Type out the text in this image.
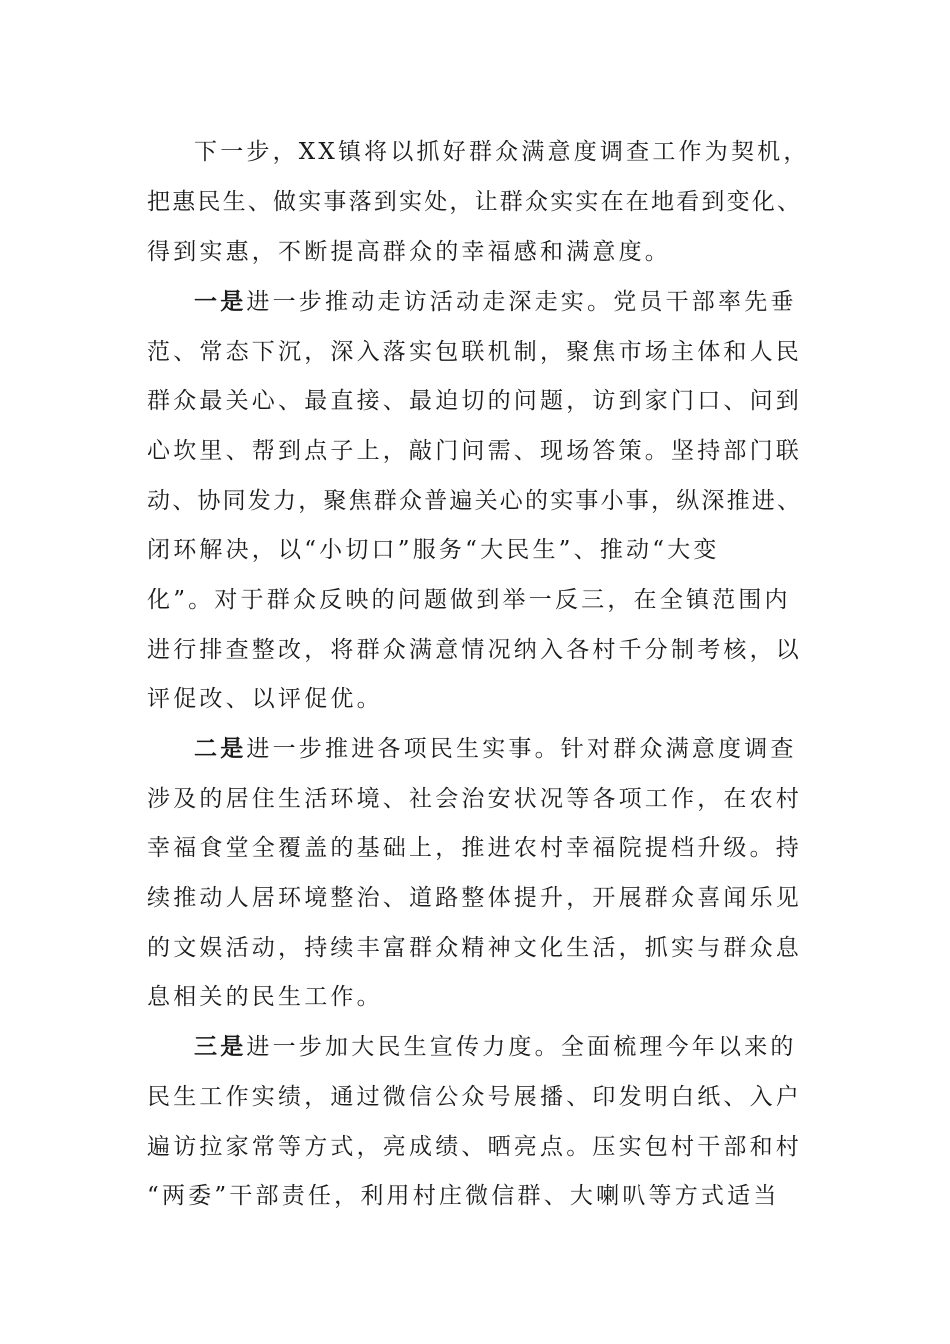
下一步，XX镇将以抓好群众满意度调查工作为契机，
把惠民生、做实事落到实处，让群众实实在在地看到变化、
得到实惠，不断提高群众的幸福感和满意度。
一是进一步推动走访活动走深走实。党员干部率先垂
范、常态下沉，深入落实包联机制，聚焦市场主体和人民
群众最关心、最直接、最迫切的问题，访到家门口、问到
心坎里、帮到点子上，敲门问需、现场答策。坚持部门联
动、协同发力，聚焦群众普遍关心的实事小事，纵深推进、
闭环解决，以“小切口”服务“大民生”、推动“大变
化”。对于群众反映的问题做到举一反三，在全镇范围内
进行排查整改，将群众满意情况纳入各村千分制考核，以
评促改、以评促优。
二是进一步推进各项民生实事。针对群众满意度调查
涉及的居住生活环境、社会治安状况等各项工作，在农村
幸福食堂全覆盖的基础上，推进农村幸福院提档升级。持
续推动人居环境整治、道路整体提升，开展群众喜闻乐见
的文娱活动，持续丰富群众精神文化生活，抓实与群众息
息相关的民生工作。
三是进一步加大民生宣传力度。全面梳理今年以来的
民生工作实绩，通过微信公众号展播、印发明白纸、入户
遍访拉家常等方式，亮成绩、晒亮点。压实包村干部和村
“两委”干部责任，利用村庄微信群、大喇叭等方式适当
